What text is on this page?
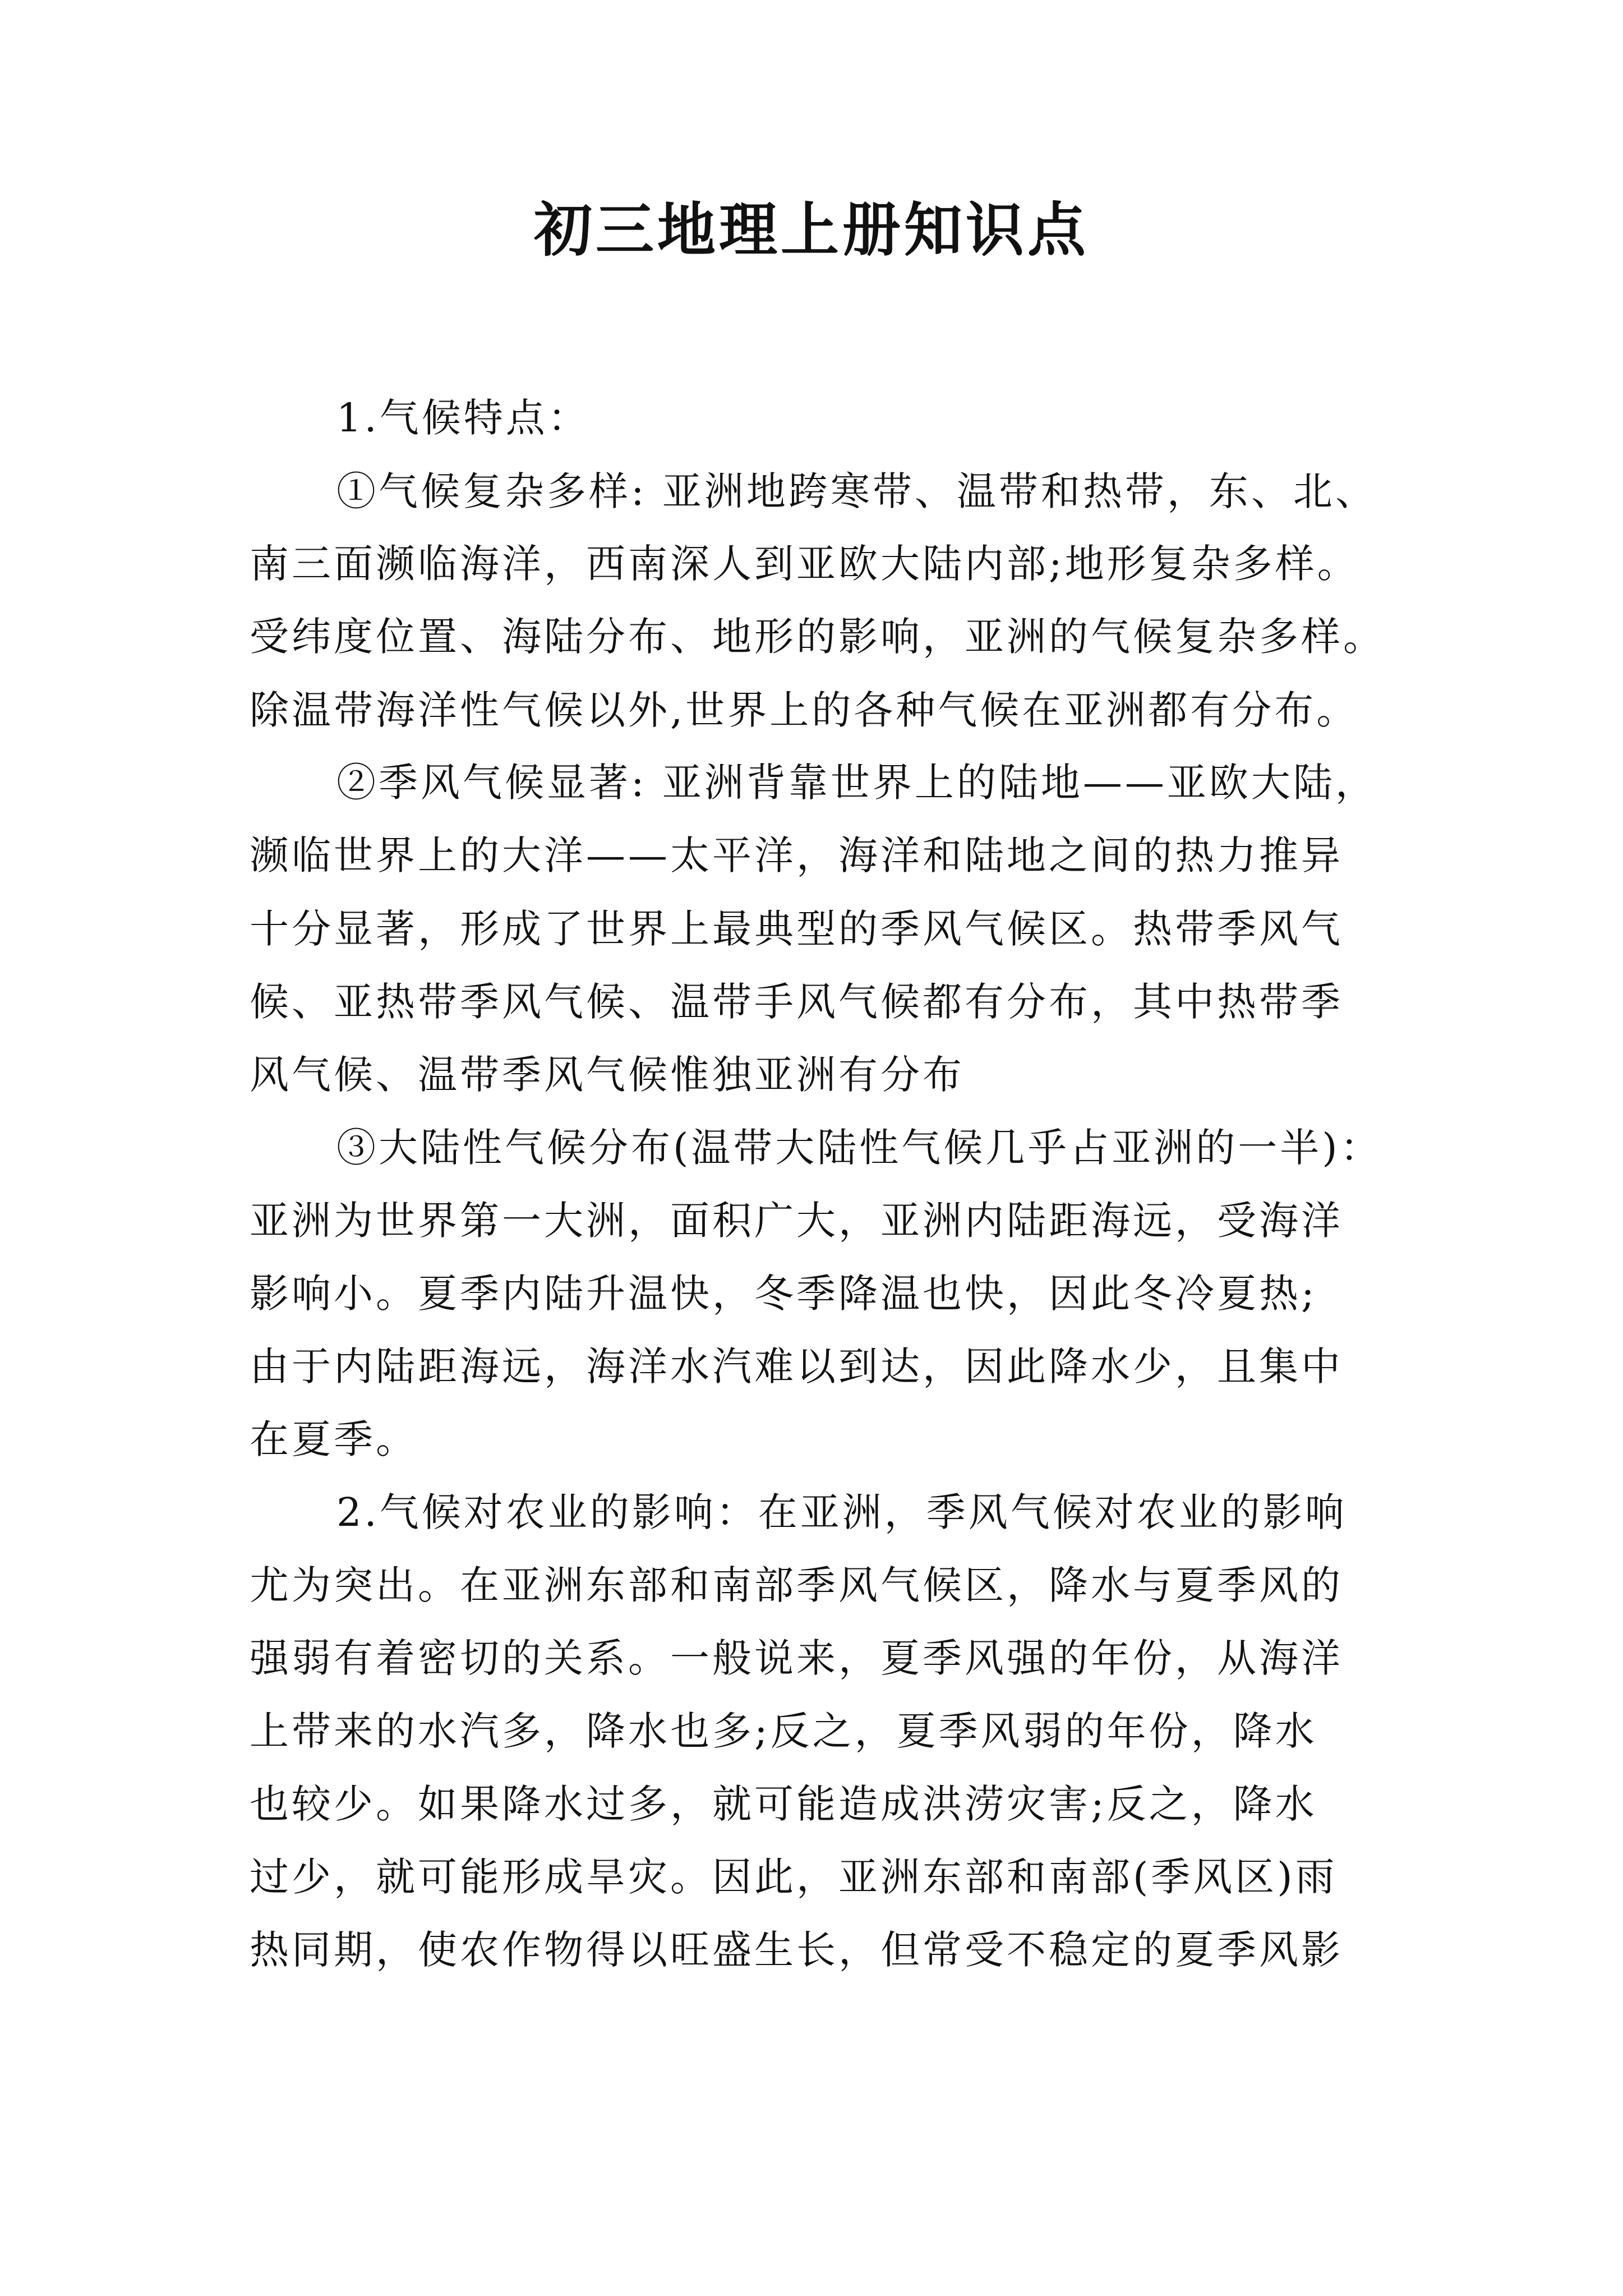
初三地理上册知识点
1.气候特点：
①气候复杂多样: 亚洲地跨寒带、温带和热带，东、北、
南三面濒临海洋，西南深人到亚欧大陆内部;地形复杂多样。
受纬度位置、海陆分布、地形的影响，亚洲的气候复杂多样。
除温带海洋性气候以外,世界上的各种气候在亚洲都有分布。
②季风气候显著: 亚洲背靠世界上的陆地——亚欧大陆，
濒临世界上的大洋——太平洋，海洋和陆地之间的热力推异
十分显著，形成了世界上最典型的季风气候区。热带季风气
候、亚热带季风气候、温带手风气候都有分布，其中热带季
风气候、温带季风气候惟独亚洲有分布
③大陆性气候分布(温带大陆性气候几乎占亚洲的一半)：
亚洲为世界第一大洲，面积广大，亚洲内陆距海远，受海洋
影响小。夏季内陆升温快，冬季降温也快，因此冬冷夏热;
由于内陆距海远，海洋水汽难以到达，因此降水少，且集中
在夏季。
2.气候对农业的影响：在亚洲，季风气候对农业的影响
尤为突出。在亚洲东部和南部季风气候区，降水与夏季风的
强弱有着密切的关系。一般说来，夏季风强的年份，从海洋
上带来的水汽多，降水也多;反之，夏季风弱的年份，降水
也较少。如果降水过多，就可能造成洪涝灾害;反之，降水
过少，就可能形成旱灾。因此，亚洲东部和南部(季风区)雨
热同期，使农作物得以旺盛生长，但常受不稳定的夏季风影
